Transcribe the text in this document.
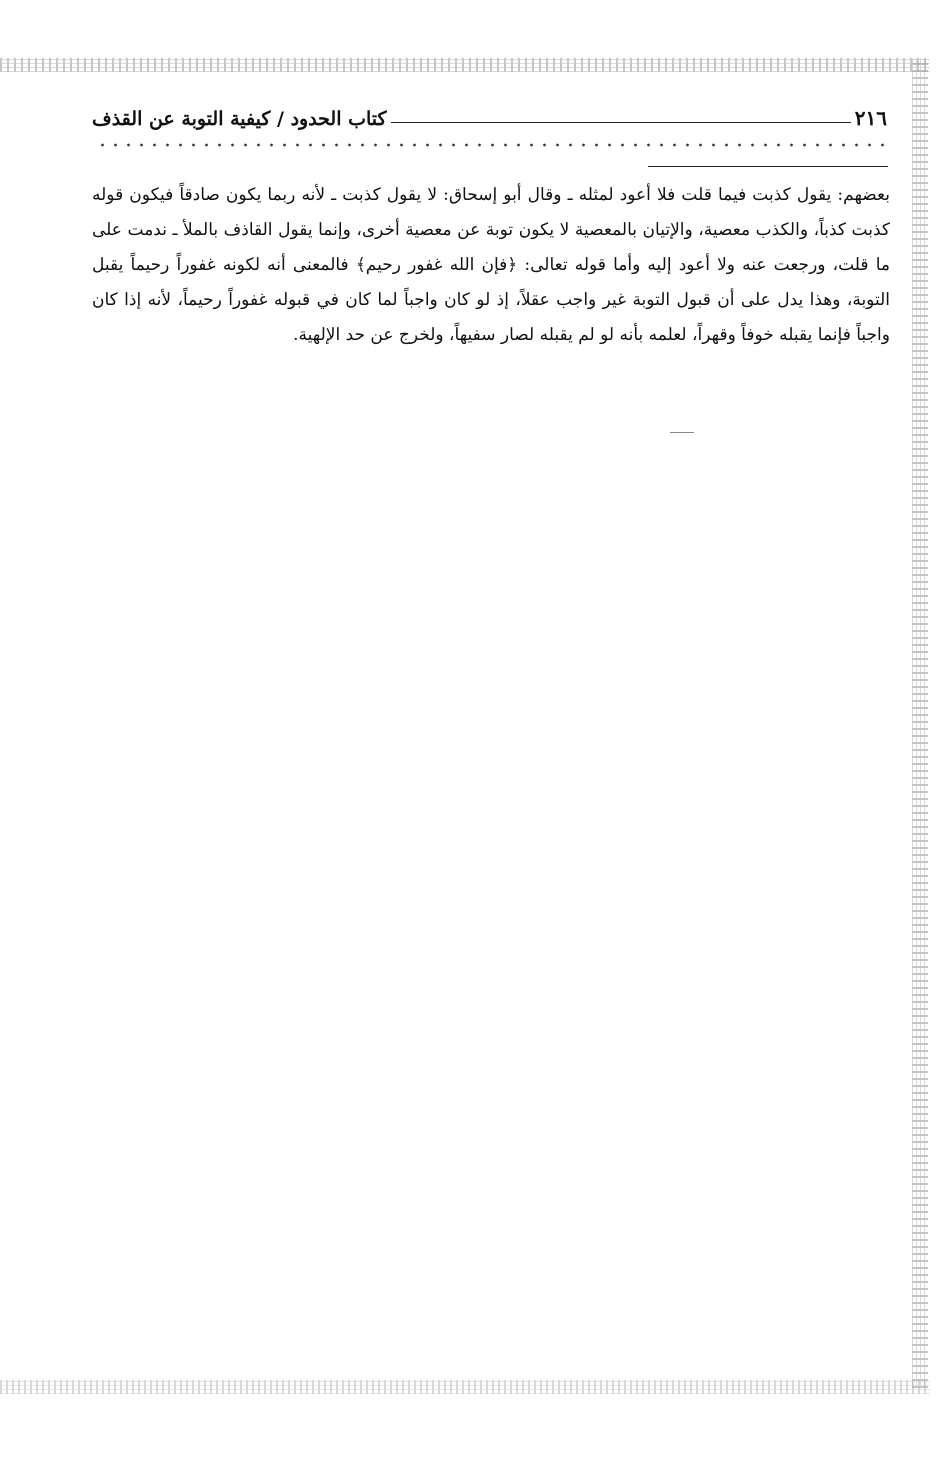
٢١٦
كتاب الحدود / كيفية التوبة عن القذف

بعضهم: يقول كذبت فيما قلت فلا أعود لمثله ـ وقال أبو إسحاق: لا يقول كذبت ـ لأنه ربما يكون صادقاً فيكون قوله كذبت كذباً، والكذب معصية، والإتيان بالمعصية لا يكون توبة عن معصية أخرى، وإنما يقول القاذف بالملأ ـ ندمت على ما قلت، ورجعت عنه ولا أعود إليه وأما قوله تعالى: ﴿فإن الله غفور رحيم﴾ فالمعنى أنه لكونه غفوراً رحيماً يقبل التوبة، وهذا يدل على أن قبول التوبة غير واجب عقلاً، إذ لو كان واجباً لما كان في قبوله غفوراً رحيماً، لأنه إذا كان واجباً فإنما يقبله خوفاً وقهراً، لعلمه بأنه لو لم يقبله لصار سفيهاً، ولخرج عن حد الإلهية.
